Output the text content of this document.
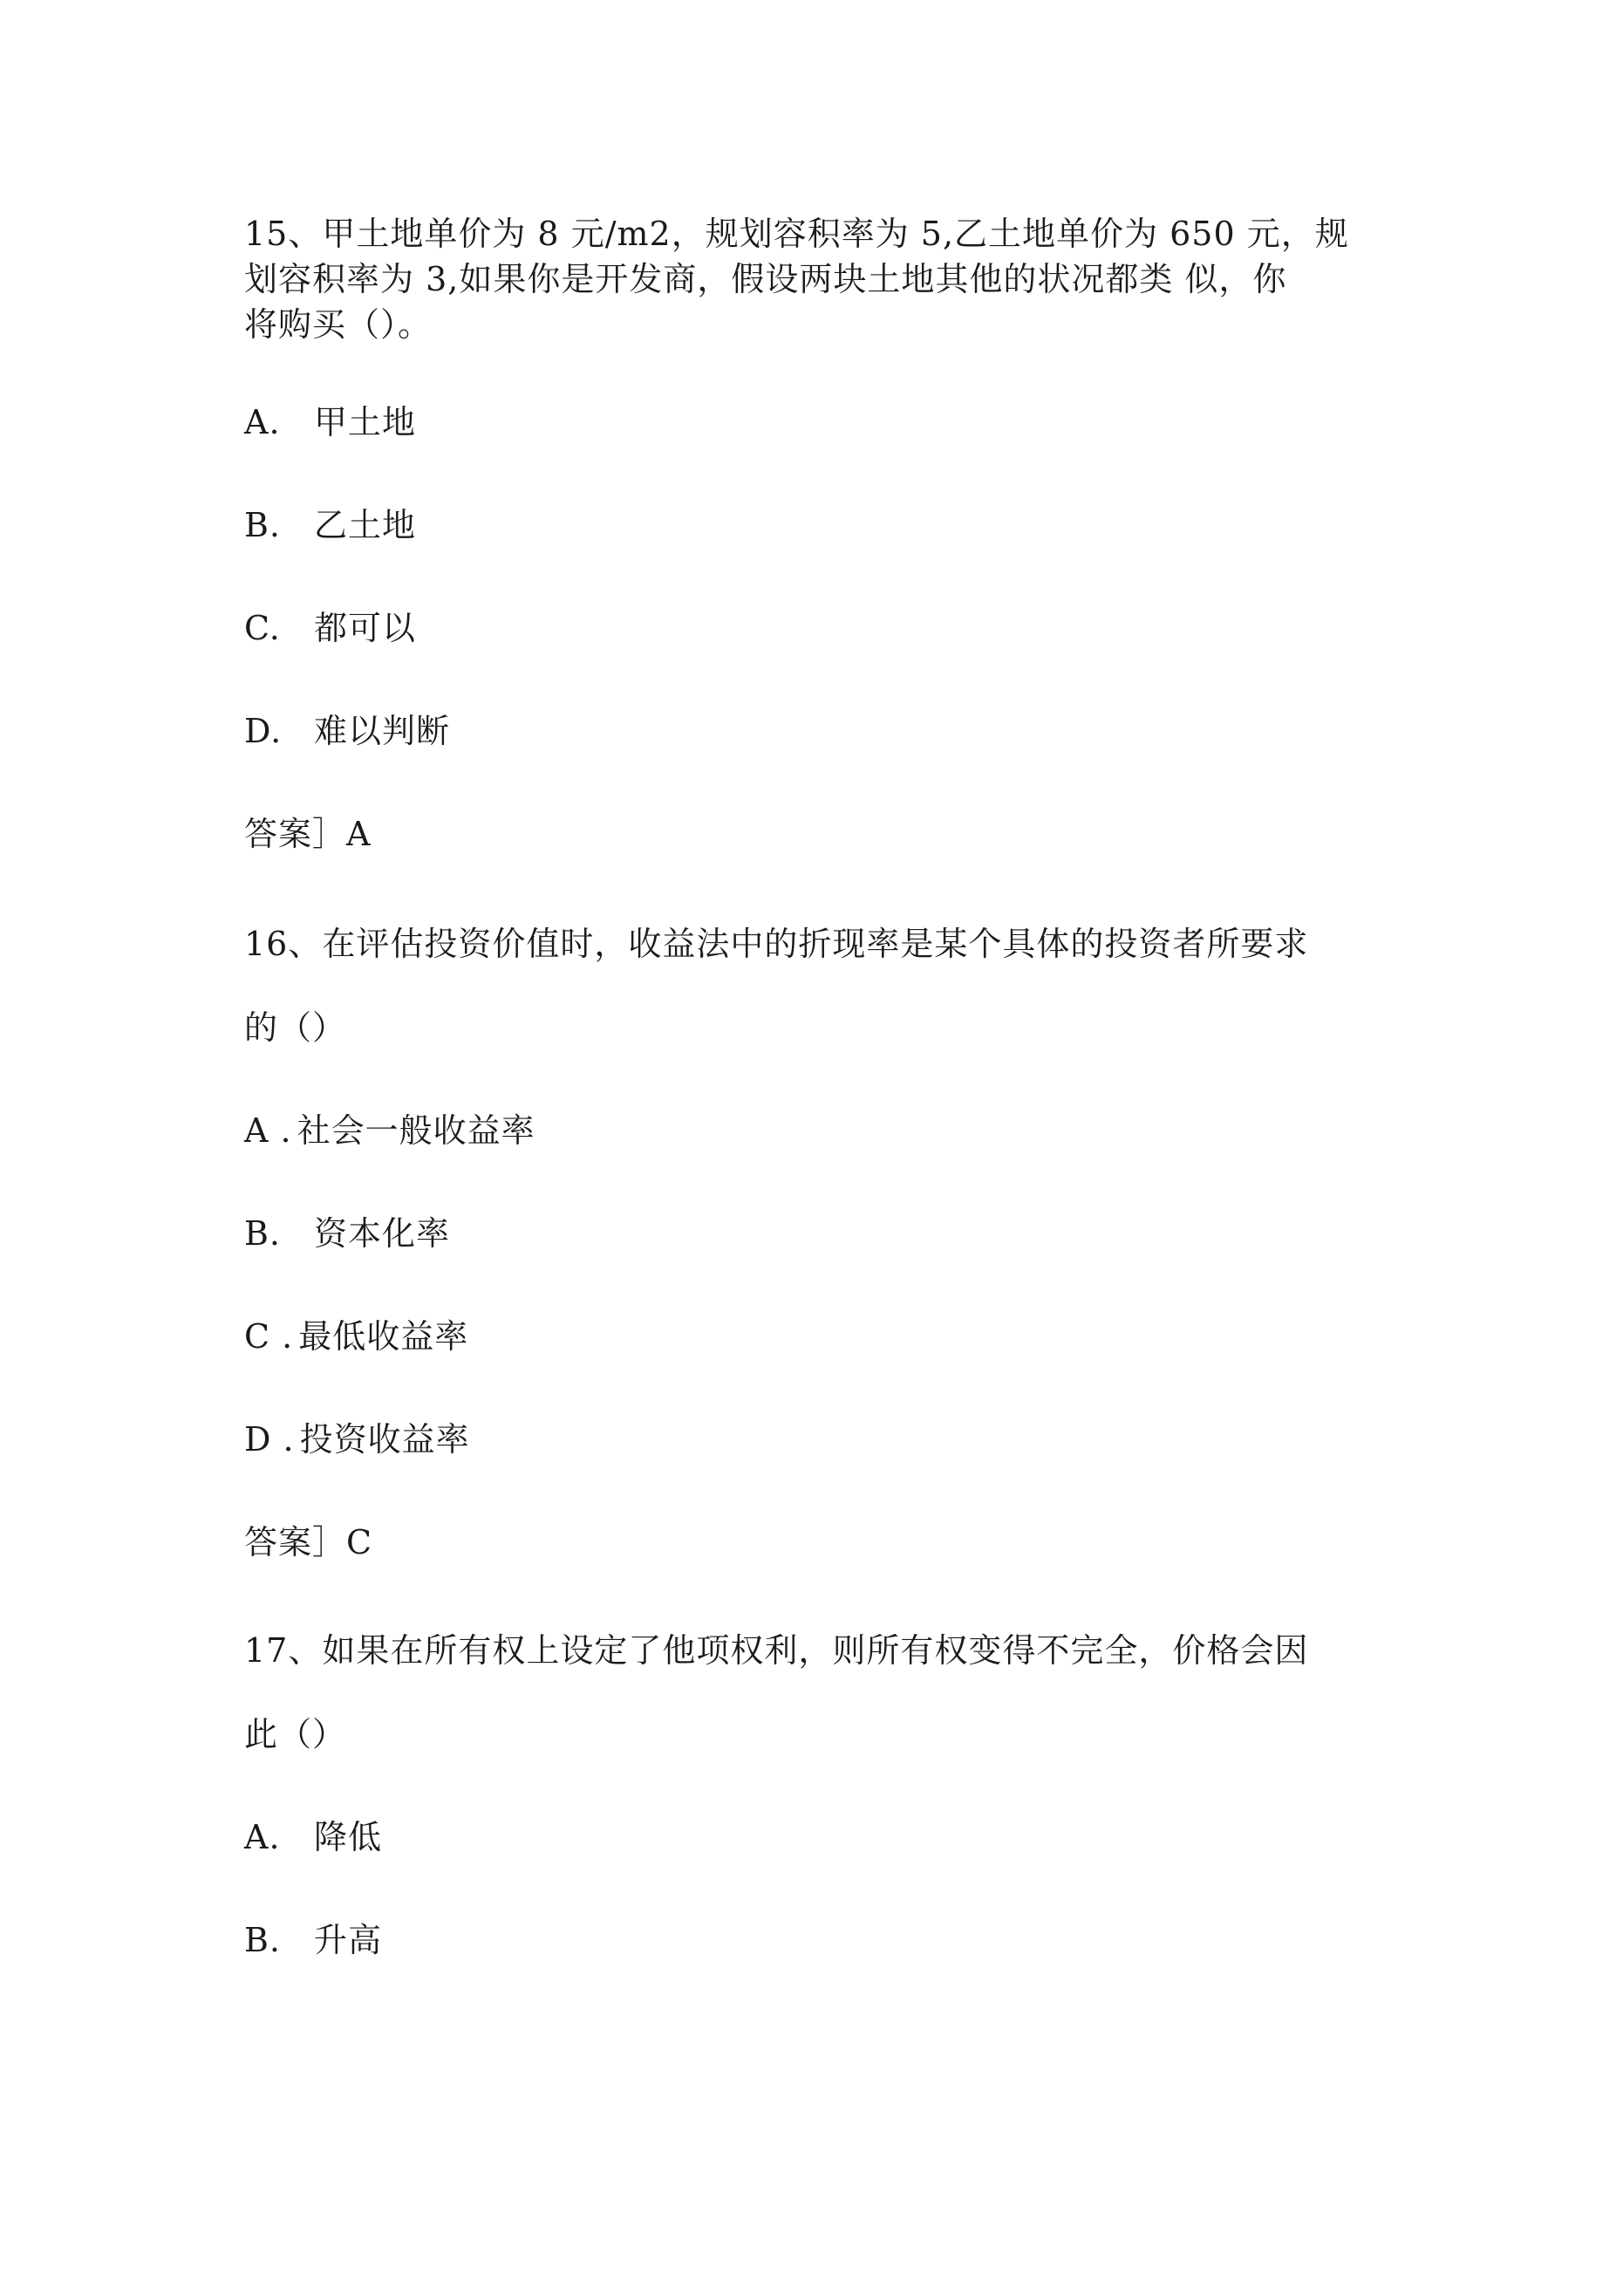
15、甲土地单价为 8 元/m2，规划容积率为 5,乙土地单价为 650 元，规
划容积率为 3,如果你是开发商，假设两块土地其他的状况都类 似，你
将购买（）。
A. 甲土地
B. 乙土地
C. 都可以
D. 难以判断
答案］A
16、在评估投资价值时，收益法中的折现率是某个具体的投资者所要求
的（）
A . 社会一般收益率
B. 资本化率
C . 最低收益率
D . 投资收益率
答案］C
17、如果在所有权上设定了他项权利，则所有权变得不完全，价格会因
此（）
A. 降低
B. 升高
